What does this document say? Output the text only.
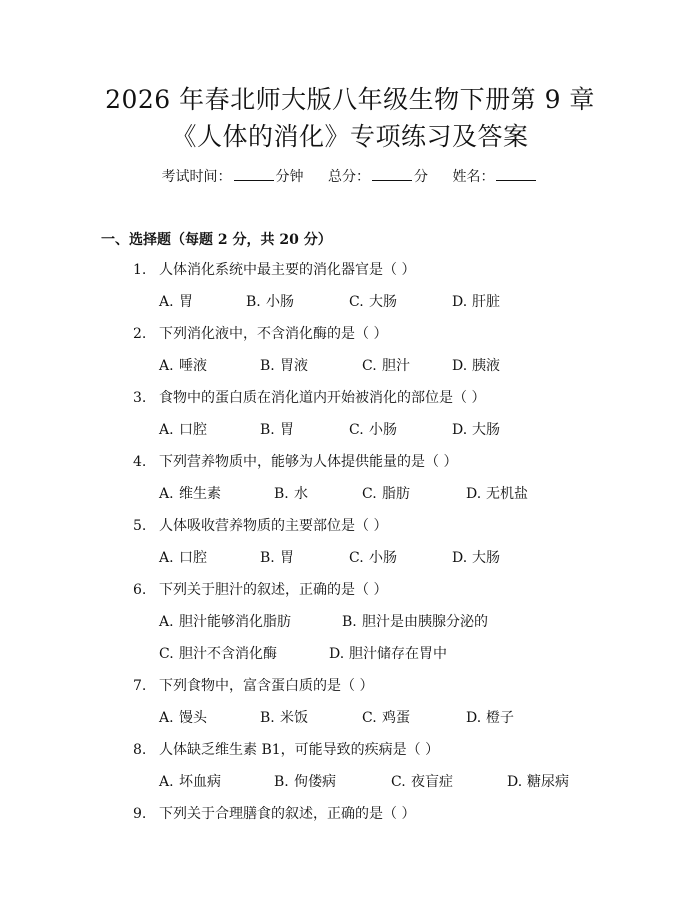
2026 年春北师大版八年级生物下册第 9 章
《人体的消化》专项练习及答案
考试时间：	分钟 总分：	分 姓名：
一、选择题（每题 2 分，共 20 分）
1. 人体消化系统中最主要的消化器官是（ ）
A. 胃	B. 小肠	C. 大肠	D. 肝脏
2. 下列消化液中，不含消化酶的是（ ）
A. 唾液	B. 胃液	C. 胆汁	D. 胰液
3. 食物中的蛋白质在消化道内开始被消化的部位是（ ）
A. 口腔	B. 胃	C. 小肠	D. 大肠
4. 下列营养物质中，能够为人体提供能量的是（ ）
A. 维生素	B. 水	C. 脂肪	D. 无机盐
5. 人体吸收营养物质的主要部位是（ ）
A. 口腔	B. 胃	C. 小肠	D. 大肠
6. 下列关于胆汁的叙述，正确的是（ ）
A. 胆汁能够消化脂肪	B. 胆汁是由胰腺分泌的
C. 胆汁不含消化酶	D. 胆汁储存在胃中
7. 下列食物中，富含蛋白质的是（ ）
A. 馒头	B. 米饭	C. 鸡蛋	D. 橙子
8. 人体缺乏维生素 B1，可能导致的疾病是（ ）
A. 坏血病	B. 佝偻病	C. 夜盲症	D. 糖尿病
9. 下列关于合理膳食的叙述，正确的是（ ）
